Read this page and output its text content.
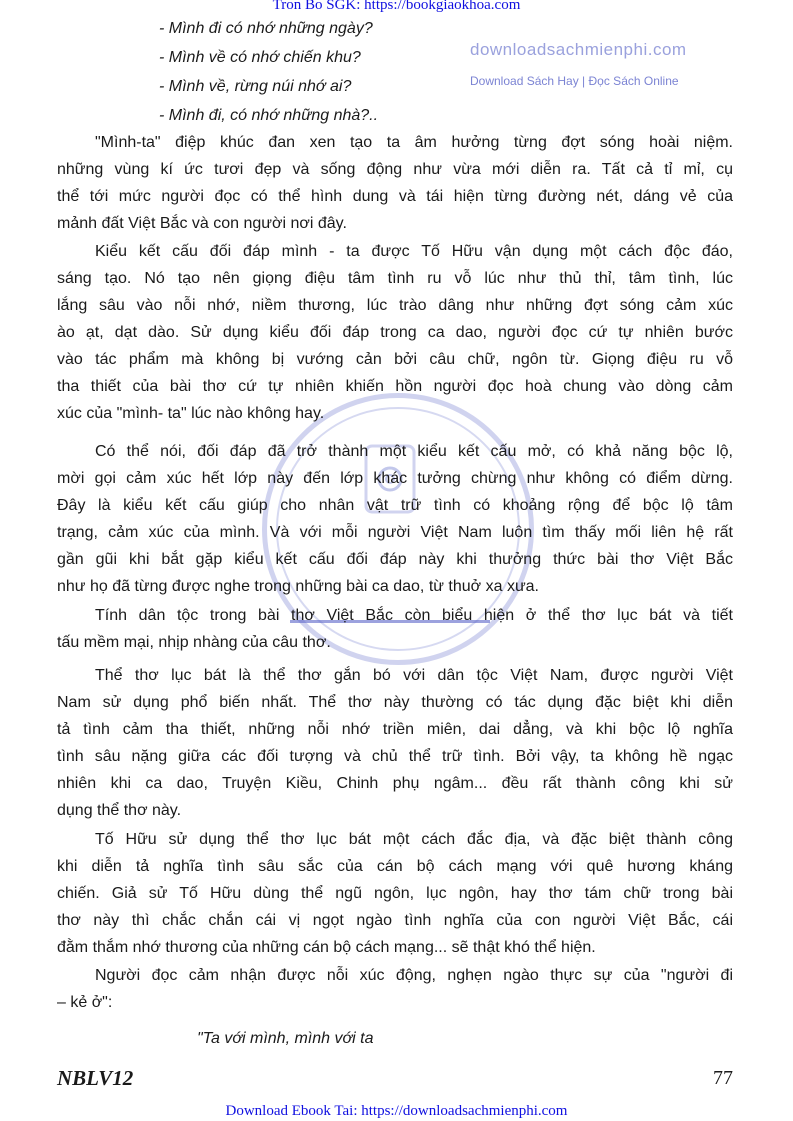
Tron Bo SGK: https://bookgiaokhoa.com
downloadsachmienphi.com
Download Sách Hay | Đọc Sách Online
- Mình đi có nhớ những ngày?
- Mình về có nhớ chiến khu?
- Mình về, rừng núi nhớ ai?
- Mình đi, có nhớ những nhà?..
"Mình-ta" điệp khúc đan xen tạo ta âm hưởng từng đợt sóng hoài niệm.
những vùng kí ức tươi đẹp và sống động như vừa mới diễn ra. Tất cả tỉ mỉ, cụ
thể tới mức người đọc có thể hình dung và tái hiện từng đường nét, dáng vẻ của
mảnh đất Việt Bắc và con người nơi đây.
Kiểu kết cấu đối đáp mình - ta được Tố Hữu vận dụng một cách độc đáo,
sáng tạo. Nó tạo nên giọng điệu tâm tình ru vỗ lúc như thủ thỉ, tâm tình, lúc
lắng sâu vào nỗi nhớ, niềm thương, lúc trào dâng như những đợt sóng cảm xúc
ào ạt, dạt dào. Sử dụng kiểu đối đáp trong ca dao, người đọc cứ tự nhiên bước
vào tác phẩm mà không bị vướng cản bởi câu chữ, ngôn từ. Giọng điệu ru vỗ
tha thiết của bài thơ cứ tự nhiên khiến hồn người đọc hoà chung vào dòng cảm
xúc của "mình- ta" lúc nào không hay.
Có thể nói, đối đáp đã trở thành một kiểu kết cấu mở, có khả năng bộc lộ,
mời gọi cảm xúc hết lớp này đến lớp khác tưởng chừng như không có điểm dừng.
Đây là kiểu kết cấu giúp cho nhân vật trữ tình có khoảng rộng để bộc lộ tâm
trạng, cảm xúc của mình. Và với mỗi người Việt Nam luôn tìm thấy mối liên hệ rất
gần gũi khi bắt gặp kiểu kết cấu đối đáp này khi thưởng thức bài thơ Việt Bắc
như họ đã từng được nghe trong những bài ca dao, từ thuở xa xưa.
Tính dân tộc trong bài thơ Việt Bắc còn biểu hiện ở thể thơ lục bát và tiết
tấu mềm mại, nhịp nhàng của câu thơ.
Thể thơ lục bát là thể thơ gắn bó với dân tộc Việt Nam, được người Việt
Nam sử dụng phổ biến nhất. Thể thơ này thường có tác dụng đặc biệt khi diễn
tả tình cảm tha thiết, những nỗi nhớ triền miên, dai dẳng, và khi bộc lộ nghĩa
tình sâu nặng giữa các đối tượng và chủ thể trữ tình. Bởi vậy, ta không hề ngạc
nhiên khi ca dao, Truyện Kiều, Chinh phụ ngâm... đều rất thành công khi sử
dụng thể thơ này.
Tố Hữu sử dụng thể thơ lục bát một cách đắc địa, và đặc biệt thành công
khi diễn tả nghĩa tình sâu sắc của cán bộ cách mạng với quê hương kháng
chiến. Giả sử Tố Hữu dùng thể ngũ ngôn, lục ngôn, hay thơ tám chữ trong bài
thơ này thì chắc chắn cái vị ngọt ngào tình nghĩa của con người Việt Bắc, cái
đằm thắm nhớ thương của những cán bộ cách mạng... sẽ thật khó thể hiện.
Người đọc cảm nhận được nỗi xúc động, nghẹn ngào thực sự của "người đi
– kẻ ở":
"Ta với mình, mình với ta
NBLV12	77
Download Ebook Tai: https://downloadsachmienphi.com
